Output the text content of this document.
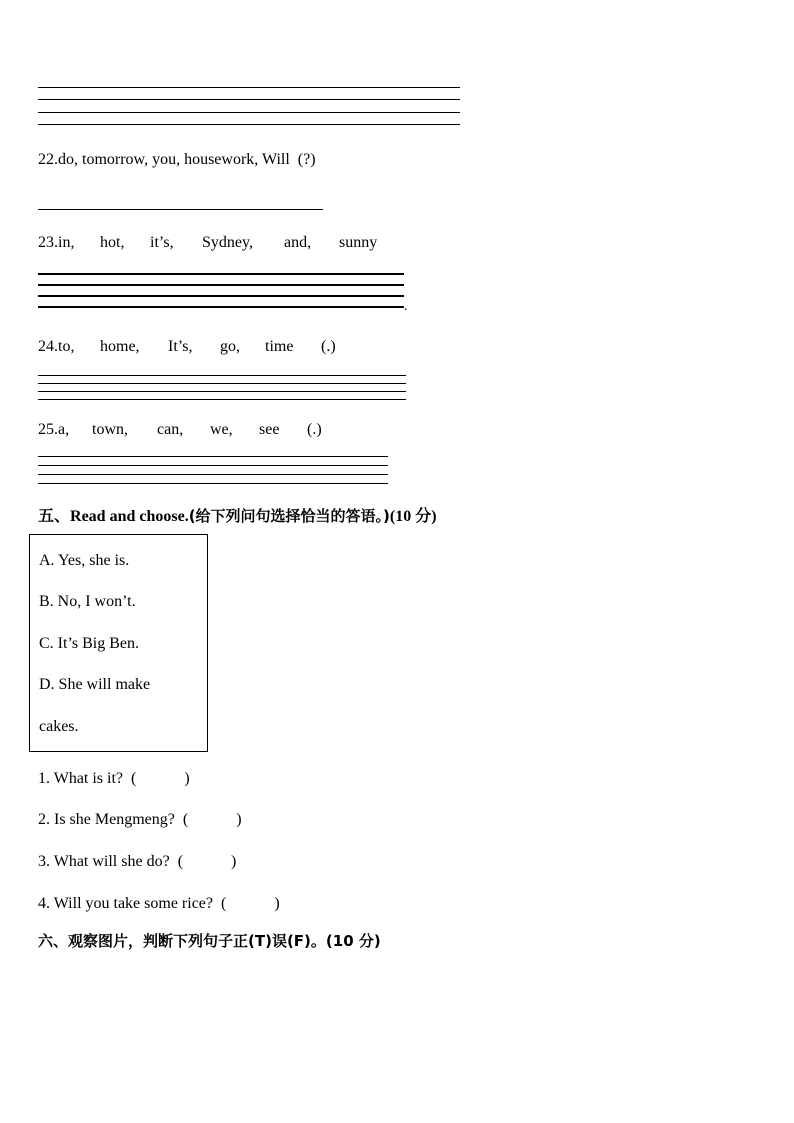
22.do, tomorrow, you, housework, Will (?)
23.in, hot, it’s, Sydney, and, sunny
.
24.to, home, It’s, go, time (.)
25.a, town, can, we, see (.)
五、Read and choose.(给下列问句选择恰当的答语。)(10 分)
A. Yes, she is.
B. No, I won’t.
C. It’s Big Ben.
D. She will make
cakes.
1. What is it? (　　　)
2. Is she Mengmeng? (　　　)
3. What will she do? (　　　)
4. Will you take some rice? (　　　)
六、观察图片，判断下列句子正(T)误(F)。(10 分)
